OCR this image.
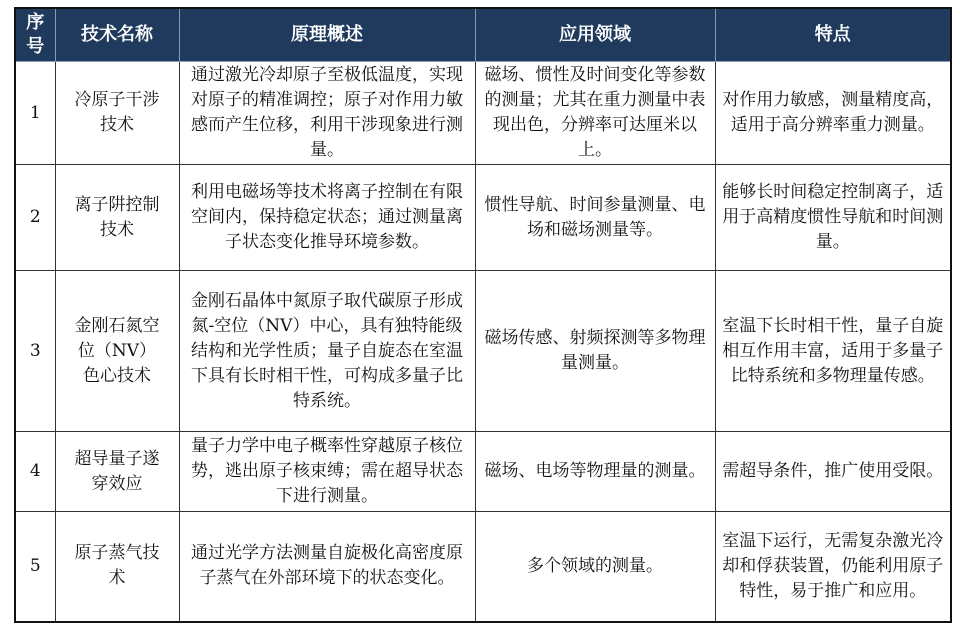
序号	技术名称	原理概述	应用领域	特点
1	冷原子干涉技术	通过激光冷却原子至极低温度，实现对原子的精准调控；原子对作用力敏感而产生位移，利用干涉现象进行测量。	磁场、惯性及时间变化等参数的测量；尤其在重力测量中表现出色，分辨率可达厘米以上。	对作用力敏感，测量精度高，适用于高分辨率重力测量。
2	离子阱控制技术	利用电磁场等技术将离子控制在有限空间内，保持稳定状态；通过测量离子状态变化推导环境参数。	惯性导航、时间参量测量、电场和磁场测量等。	能够长时间稳定控制离子，适用于高精度惯性导航和时间测量。
3	金刚石氮空位（NV）色心技术	金刚石晶体中氮原子取代碳原子形成氮-空位（NV）中心，具有独特能级结构和光学性质；量子自旋态在室温下具有长时相干性，可构成多量子比特系统。	磁场传感、射频探测等多物理量测量。	室温下长时相干性，量子自旋相互作用丰富，适用于多量子比特系统和多物理量传感。
4	超导量子遂穿效应	量子力学中电子概率性穿越原子核位势，逃出原子核束缚；需在超导状态下进行测量。	磁场、电场等物理量的测量。	需超导条件，推广使用受限。
5	原子蒸气技术	通过光学方法测量自旋极化高密度原子蒸气在外部环境下的状态变化。	多个领域的测量。	室温下运行，无需复杂激光冷却和俘获装置，仍能利用原子特性，易于推广和应用。
